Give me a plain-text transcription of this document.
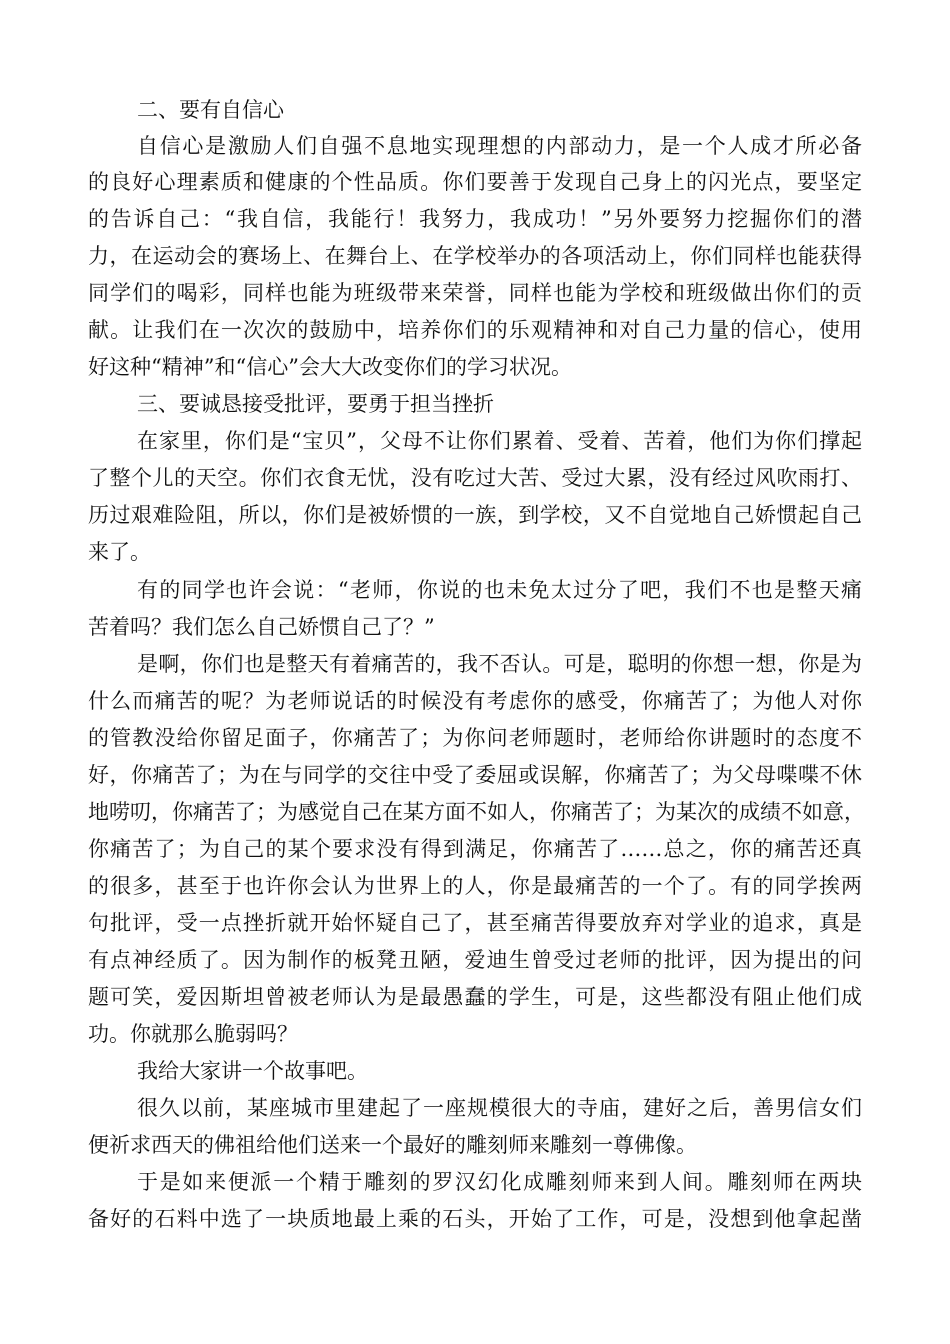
二、要有自信心
自信心是激励人们自强不息地实现理想的内部动力，是一个人成才所必备
的良好心理素质和健康的个性品质。你们要善于发现自己身上的闪光点，要坚定
的告诉自己：“我自信，我能行！我努力，我成功！”另外要努力挖掘你们的潜
力，在运动会的赛场上、在舞台上、在学校举办的各项活动上，你们同样也能获得
同学们的喝彩，同样也能为班级带来荣誉，同样也能为学校和班级做出你们的贡
献。让我们在一次次的鼓励中，培养你们的乐观精神和对自己力量的信心，使用
好这种“精神”和“信心”会大大改变你们的学习状况。
三、要诚恳接受批评，要勇于担当挫折
在家里，你们是“宝贝”，父母不让你们累着、受着、苦着，他们为你们撑起
了整个儿的天空。你们衣食无忧，没有吃过大苦、受过大累，没有经过风吹雨打、
历过艰难险阻，所以，你们是被娇惯的一族，到学校，又不自觉地自己娇惯起自己
来了。
有的同学也许会说：“老师，你说的也未免太过分了吧，我们不也是整天痛
苦着吗？我们怎么自己娇惯自己了？”
是啊，你们也是整天有着痛苦的，我不否认。可是，聪明的你想一想，你是为
什么而痛苦的呢？为老师说话的时候没有考虑你的感受，你痛苦了；为他人对你
的管教没给你留足面子，你痛苦了；为你问老师题时，老师给你讲题时的态度不
好，你痛苦了；为在与同学的交往中受了委屈或误解，你痛苦了；为父母喋喋不休
地唠叨，你痛苦了；为感觉自己在某方面不如人，你痛苦了；为某次的成绩不如意，
你痛苦了；为自己的某个要求没有得到满足，你痛苦了……总之，你的痛苦还真
的很多，甚至于也许你会认为世界上的人，你是最痛苦的一个了。有的同学挨两
句批评，受一点挫折就开始怀疑自己了，甚至痛苦得要放弃对学业的追求，真是
有点神经质了。因为制作的板凳丑陋，爱迪生曾受过老师的批评，因为提出的问
题可笑，爱因斯坦曾被老师认为是最愚蠢的学生，可是，这些都没有阻止他们成
功。你就那么脆弱吗？
我给大家讲一个故事吧。
很久以前，某座城市里建起了一座规模很大的寺庙，建好之后，善男信女们
便祈求西天的佛祖给他们送来一个最好的雕刻师来雕刻一尊佛像。
于是如来便派一个精于雕刻的罗汉幻化成雕刻师来到人间。雕刻师在两块
备好的石料中选了一块质地最上乘的石头，开始了工作，可是，没想到他拿起凿
